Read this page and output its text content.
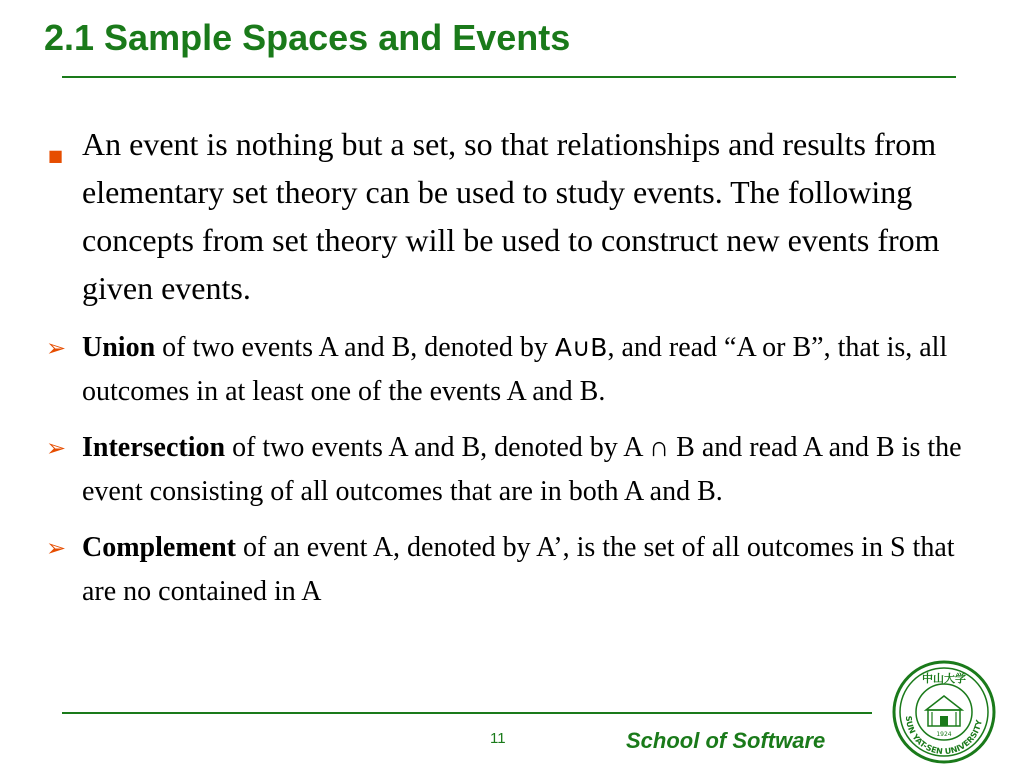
2.1 Sample Spaces and Events
■ An event is nothing but a set, so that relationships and results from elementary set theory can be used to study events. The following concepts from set theory will be used to construct new events from given events.
➢ Union of two events A and B, denoted by A∪B, and read “A or B”, that is, all outcomes in at least one of the events A and B.
➢ Intersection of two events A and B, denoted by A ∩ B and read A and B is the event consisting of all outcomes that are in both A and B.
➢ Complement of an event A, denoted by A’, is the set of all outcomes in S that are no contained in A
11	School of Software
中山大学
SUN YAT-SEN UNIVERSITY
1924
